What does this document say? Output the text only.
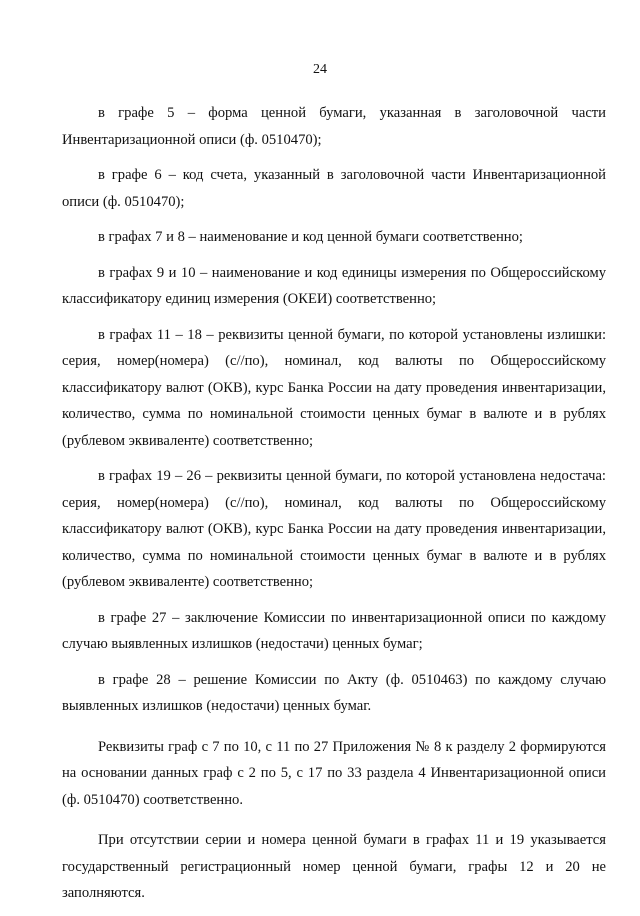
24

в графе 5 – форма ценной бумаги, указанная в заголовочной части Инвентаризационной описи (ф. 0510470);

в графе 6 – код счета, указанный в заголовочной части Инвентаризационной описи (ф. 0510470);

в графах 7 и 8 – наименование и код ценной бумаги соответственно;

в графах 9 и 10 – наименование и код единицы измерения по Общероссийскому классификатору единиц измерения (ОКЕИ) соответственно;

в графах 11 – 18 – реквизиты ценной бумаги, по которой установлены излишки: серия, номер(номера) (с//по), номинал, код валюты по Общероссийскому классификатору валют (ОКВ), курс Банка России на дату проведения инвентаризации, количество, сумма по номинальной стоимости ценных бумаг в валюте и в рублях (рублевом эквиваленте) соответственно;

в графах 19 – 26 – реквизиты ценной бумаги, по которой установлена недостача: серия, номер(номера) (с//по), номинал, код валюты по Общероссийскому классификатору валют (ОКВ), курс Банка России на дату проведения инвентаризации, количество, сумма по номинальной стоимости ценных бумаг в валюте и в рублях (рублевом эквиваленте) соответственно;

в графе 27 – заключение Комиссии по инвентаризационной описи по каждому случаю выявленных излишков (недостачи) ценных бумаг;

в графе 28 – решение Комиссии по Акту (ф. 0510463) по каждому случаю выявленных излишков (недостачи) ценных бумаг.

Реквизиты граф с 7 по 10, с 11 по 27 Приложения № 8 к разделу 2 формируются на основании данных граф с 2 по 5, с 17 по 33 раздела 4 Инвентаризационной описи (ф. 0510470) соответственно.

При отсутствии серии и номера ценной бумаги в графах 11 и 19 указывается государственный регистрационный номер ценной бумаги, графы 12 и 20 не заполняются.
